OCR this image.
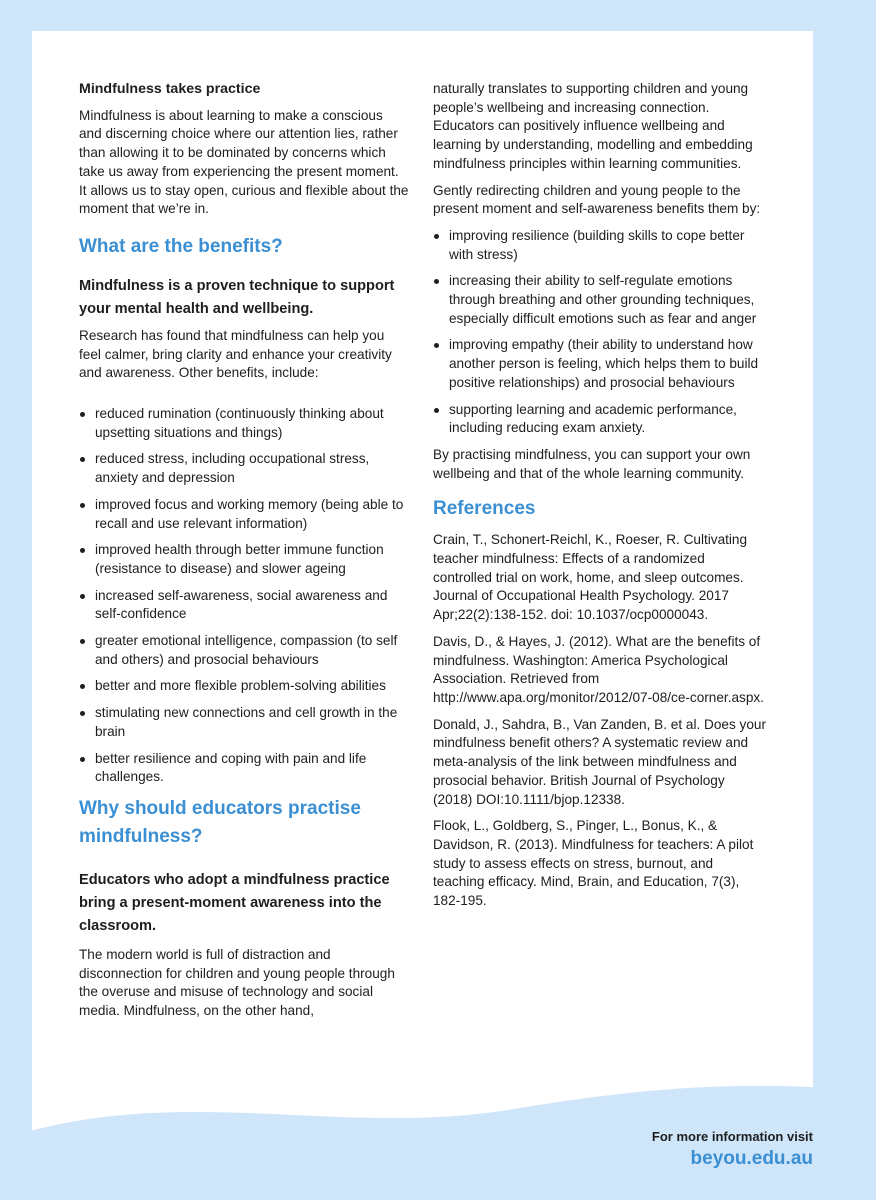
Mindfulness takes practice

Mindfulness is about learning to make a conscious and discerning choice where our attention lies, rather than allowing it to be dominated by concerns which take us away from experiencing the present moment. It allows us to stay open, curious and flexible about the moment that we’re in.

What are the benefits?
Mindfulness is a proven technique to support your mental health and wellbeing.

Research has found that mindfulness can help you feel calmer, bring clarity and enhance your creativity and awareness. Other benefits, include:

reduced rumination (continuously thinking about upsetting situations and things)
reduced stress, including occupational stress, anxiety and depression
improved focus and working memory (being able to recall and use relevant information)
improved health through better immune function (resistance to disease) and slower ageing
increased self-awareness, social awareness and self-confidence
greater emotional intelligence, compassion (to self and others) and prosocial behaviours
better and more flexible problem-solving abilities
stimulating new connections and cell growth in the brain
better resilience and coping with pain and life challenges.
Why should educators practise mindfulness?
Educators who adopt a mindfulness practice bring a present-moment awareness into the classroom.

The modern world is full of distraction and disconnection for children and young people through the overuse and misuse of technology and social media. Mindfulness, on the other hand,

naturally translates to supporting children and young people’s wellbeing and increasing connection. Educators can positively influence wellbeing and learning by understanding, modelling and embedding mindfulness principles within learning communities.

Gently redirecting children and young people to the present moment and self-awareness benefits them by:

improving resilience (building skills to cope better with stress)
increasing their ability to self-regulate emotions through breathing and other grounding techniques, especially difficult emotions such as fear and anger
improving empathy (their ability to understand how another person is feeling, which helps them to build positive relationships) and prosocial behaviours
supporting learning and academic performance, including reducing exam anxiety.

By practising mindfulness, you can support your own wellbeing and that of the whole learning community.

References

Crain, T., Schonert-Reichl, K., Roeser, R. Cultivating teacher mindfulness: Effects of a randomized controlled trial on work, home, and sleep outcomes. Journal of Occupational Health Psychology. 2017 Apr;22(2):138-152. doi: 10.1037/ocp0000043.

Davis, D., & Hayes, J. (2012). What are the benefits of mindfulness. Washington: America Psychological Association. Retrieved from http://www.apa.org/monitor/2012/07-08/ce-corner.aspx.

Donald, J., Sahdra, B., Van Zanden, B. et al. Does your mindfulness benefit others? A systematic review and meta-analysis of the link between mindfulness and prosocial behavior. British Journal of Psychology (2018) DOI:10.1111/bjop.12338.

Flook, L., Goldberg, S., Pinger, L., Bonus, K., & Davidson, R. (2013). Mindfulness for teachers: A pilot study to assess effects on stress, burnout, and teaching efficacy. Mind, Brain, and Education, 7(3), 182-195.

For more information visit
beyou.edu.au
